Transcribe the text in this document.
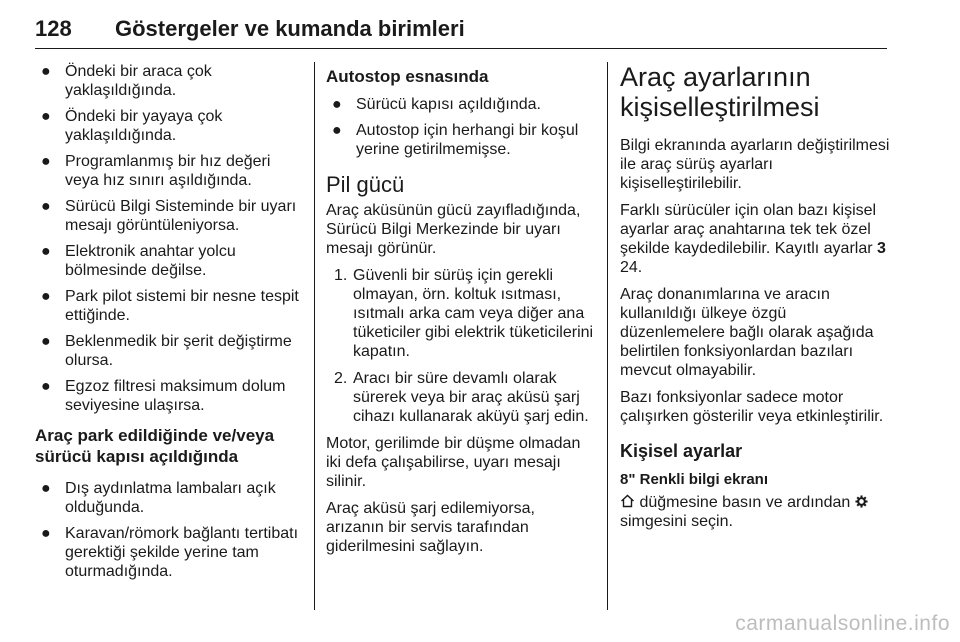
128 Göstergeler ve kumanda birimleri
● Öndeki bir araca çok yaklaşıldığında.
● Öndeki bir yayaya çok yaklaşıldığında.
● Programlanmış bir hız değeri veya hız sınırı aşıldığında.
● Sürücü Bilgi Sisteminde bir uyarı mesajı görüntüleniyorsa.
● Elektronik anahtar yolcu bölmesinde değilse.
● Park pilot sistemi bir nesne tespit ettiğinde.
● Beklenmedik bir şerit değiştirme olursa.
● Egzoz filtresi maksimum dolum seviyesine ulaşırsa.
Araç park edildiğinde ve/veya sürücü kapısı açıldığında
● Dış aydınlatma lambaları açık olduğunda.
● Karavan/römork bağlantı tertibatı gerektiği şekilde yerine tam oturmadığında.
Autostop esnasında
● Sürücü kapısı açıldığında.
● Autostop için herhangi bir koşul yerine getirilmemişse.
Pil gücü

Araç aküsünün gücü zayıfladığında, Sürücü Bilgi Merkezinde bir uyarı mesajı görünür.

1. Güvenli bir sürüş için gerekli olmayan, örn. koltuk ısıtması, ısıtmalı arka cam veya diğer ana tüketiciler gibi elektrik tüketicilerini kapatın.
2. Aracı bir süre devamlı olarak sürerek veya bir araç aküsü şarj cihazı kullanarak aküyü şarj edin.

Motor, gerilimde bir düşme olmadan iki defa çalışabilirse, uyarı mesajı silinir.

Araç aküsü şarj edilemiyorsa, arızanın bir servis tarafından giderilmesini sağlayın.

Araç ayarlarının kişiselleştirilmesi

Bilgi ekranında ayarların değiştirilmesi ile araç sürüş ayarları kişiselleştirilebilir.

Farklı sürücüler için olan bazı kişisel ayarlar araç anahtarına tek tek özel şekilde kaydedilebilir. Kayıtlı ayarlar 3 24.

Araç donanımlarına ve aracın kullanıldığı ülkeye özgü düzenlemelere bağlı olarak aşağıda belirtilen fonksiyonlardan bazıları mevcut olmayabilir.

Bazı fonksiyonlar sadece motor çalışırken gösterilir veya etkinleştirilir.

Kişisel ayarlar
8" Renkli bilgi ekranı

düğmesine basın ve ardından
simgesini seçin.

carmanualsonline.info
